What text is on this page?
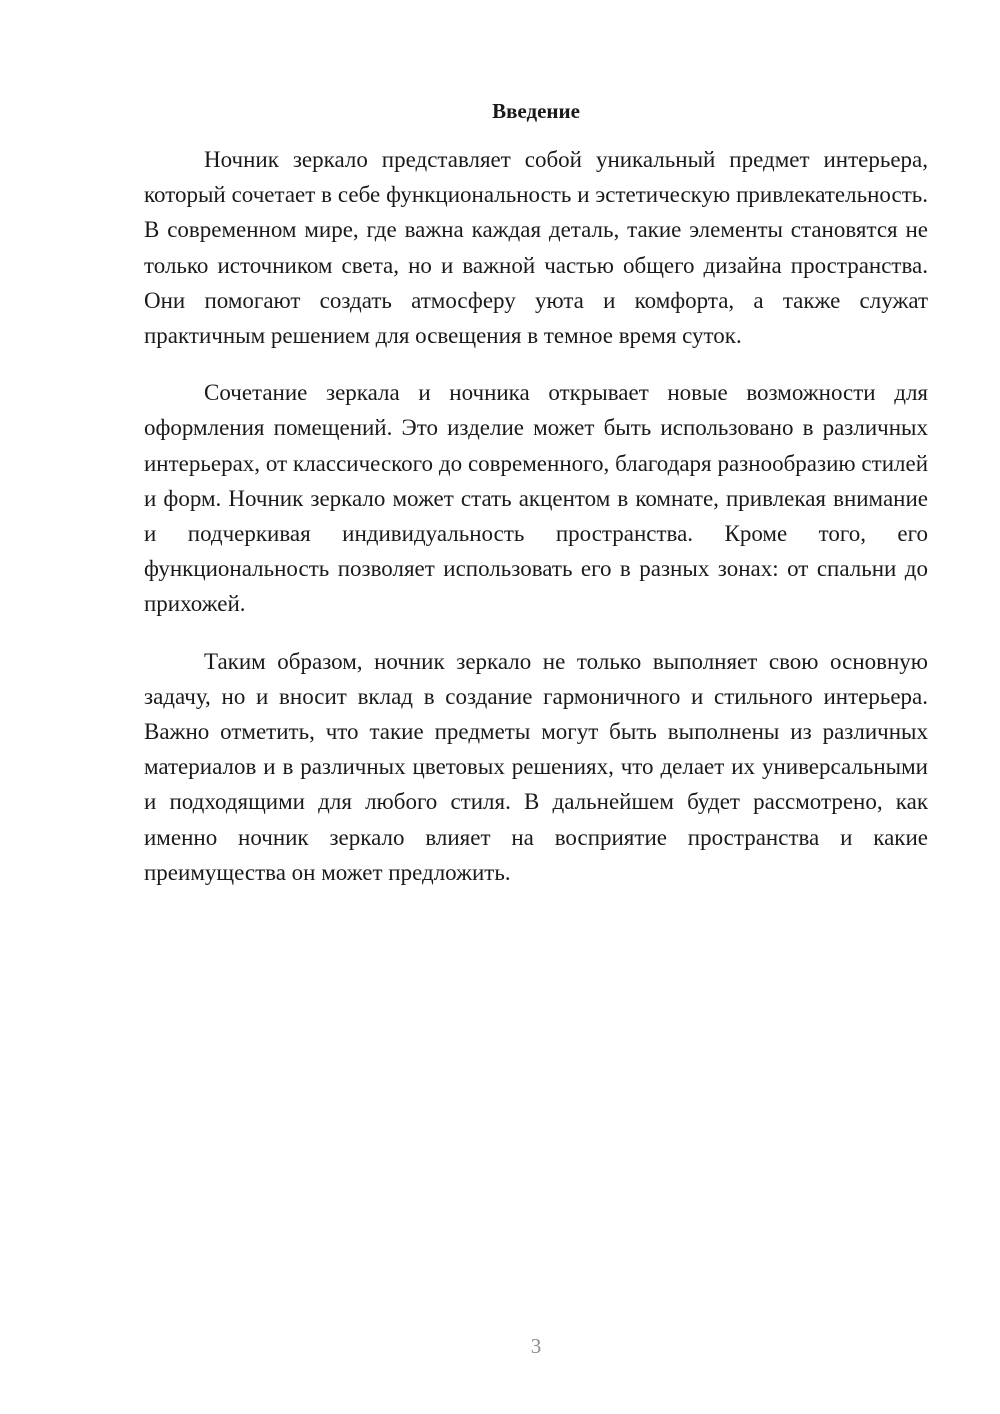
Введение

Ночник зеркало представляет собой уникальный предмет интерьера, который сочетает в себе функциональность и эстетическую привлекательность. В современном мире, где важна каждая деталь, такие элементы становятся не только источником света, но и важной частью общего дизайна пространства. Они помогают создать атмосферу уюта и комфорта, а также служат практичным решением для освещения в темное время суток.

Сочетание зеркала и ночника открывает новые возможности для оформления помещений. Это изделие может быть использовано в различных интерьерах, от классического до современного, благодаря разнообразию стилей и форм. Ночник зеркало может стать акцентом в комнате, привлекая внимание и подчеркивая индивидуальность пространства. Кроме того, его функциональность позволяет использовать его в разных зонах: от спальни до прихожей.

Таким образом, ночник зеркало не только выполняет свою основную задачу, но и вносит вклад в создание гармоничного и стильного интерьера. Важно отметить, что такие предметы могут быть выполнены из различных материалов и в различных цветовых решениях, что делает их универсальными и подходящими для любого стиля. В дальнейшем будет рассмотрено, как именно ночник зеркало влияет на восприятие пространства и какие преимущества он может предложить.

3
